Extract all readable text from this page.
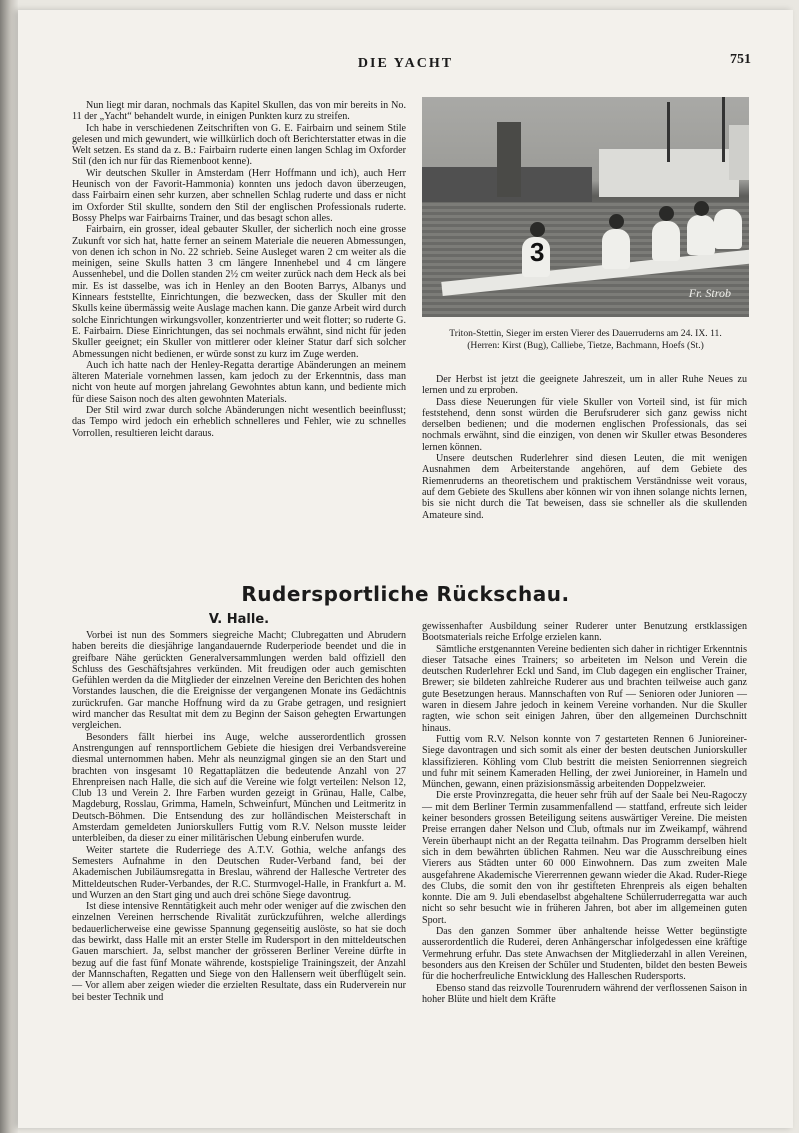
DIE YACHT	751

Nun liegt mir daran, nochmals das Kapitel Skullen, das von mir bereits in No. 11 der „Yacht“ behandelt wurde, in einigen Punkten kurz zu streifen.

Ich habe in verschiedenen Zeitschriften von G. E. Fairbairn und seinem Stile gelesen und mich gewundert, wie willkürlich doch oft Berichterstatter etwas in die Welt setzen. Es stand da z. B.: Fairbairn ruderte einen langen Schlag im Oxforder Stil (den ich nur für das Riemenboot kenne).

Wir deutschen Skuller in Amsterdam (Herr Hoffmann und ich), auch Herr Heunisch von der Favorit-Hammonia) konnten uns jedoch davon überzeugen, dass Fairbairn einen sehr kurzen, aber schnellen Schlag ruderte und dass er nicht im Oxforder Stil skullte, sondern den Stil der englischen Professionals ruderte. Bossy Phelps war Fairbairns Trainer, und das besagt schon alles.

Fairbairn, ein grosser, ideal gebauter Skuller, der sicherlich noch eine grosse Zukunft vor sich hat, hatte ferner an seinem Materiale die neueren Abmessungen, von denen ich schon in No. 22 schrieb. Seine Ausleget waren 2 cm weiter als die meinigen, seine Skulls hatten 3 cm längere Innenhebel und 4 cm längere Aussenhebel, und die Dollen standen 2½ cm weiter zurück nach dem Heck als bei mir. Es ist dasselbe, was ich in Henley an den Booten Barrys, Albanys und Kinnears feststellte, Einrichtungen, die bezwecken, dass der Skuller mit den Skulls keine übermässig weite Auslage machen kann. Die ganze Arbeit wird durch solche Einrichtungen wirkungsvoller, konzentrierter und weit flotter; so ruderte G. E. Fairbairn. Diese Einrichtungen, das sei nochmals erwähnt, sind nicht für jeden Skuller geeignet; ein Skuller von mittlerer oder kleiner Statur darf sich solcher Abmessungen nicht bedienen, er würde sonst zu kurz im Zuge werden.

Auch ich hatte nach der Henley-Regatta derartige Abänderungen an meinem älteren Materiale vornehmen lassen, kam jedoch zu der Erkenntnis, dass man nicht von heute auf morgen jahrelang Gewohntes abtun kann, und bediente mich für diese Saison noch des alten gewohnten Materials.

Der Stil wird zwar durch solche Abänderungen nicht wesentlich beeinflusst; das Tempo wird jedoch ein erheblich schnelleres und Fehler, wie zu schnelles Vorrollen, resultieren leicht daraus.

3
Fr. Strob
Triton-Stettin, Sieger im ersten Vierer des Dauerruderns am 24. IX. 11.
(Herren: Kirst (Bug), Calliebe, Tietze, Bachmann, Hoefs (St.)

Der Herbst ist jetzt die geeignete Jahreszeit, um in aller Ruhe Neues zu lernen und zu erproben.

Dass diese Neuerungen für viele Skuller von Vorteil sind, ist für mich feststehend, denn sonst würden die Berufsruderer sich ganz gewiss nicht derselben bedienen; und die modernen englischen Professionals, das sei nochmals erwähnt, sind die einzigen, von denen wir Skuller etwas Besonderes lernen können.

Unsere deutschen Ruderlehrer sind diesen Leuten, die mit wenigen Ausnahmen dem Arbeiterstande angehören, auf dem Gebiete des Riemenruderns an theoretischem und praktischem Verständnisse weit voraus, auf dem Gebiete des Skullens aber können wir von ihnen solange nichts lernen, bis sie nicht durch die Tat beweisen, dass sie schneller als die skullenden Amateure sind.

Rudersportliche Rückschau.
V. Halle.

Vorbei ist nun des Sommers siegreiche Macht; Clubregatten und Abrudern haben bereits die diesjährige langandauernde Ruderperiode beendet und die in greifbare Nähe gerückten Generalversammlungen werden bald offiziell den Schluss des Geschäftsjahres verkünden. Mit freudigen oder auch gemischten Gefühlen werden da die Mitglieder der einzelnen Vereine den Berichten des hohen Vorstandes lauschen, die die Ereignisse der vergangenen Monate ins Gedächtnis zurückrufen. Gar manche Hoffnung wird da zu Grabe getragen, und resigniert wird mancher das Resultat mit dem zu Beginn der Saison gehegten Erwartungen vergleichen.

Besonders fällt hierbei ins Auge, welche ausserordentlich grossen Anstrengungen auf rennsportlichem Gebiete die hiesigen drei Verbandsvereine diesmal unternommen haben. Mehr als neunzigmal gingen sie an den Start und brachten von insgesamt 10 Regattaplätzen die bedeutende Anzahl von 27 Ehrenpreisen nach Halle, die sich auf die Vereine wie folgt verteilen: Nelson 12, Club 13 und Verein 2. Ihre Farben wurden gezeigt in Grünau, Halle, Calbe, Magdeburg, Rosslau, Grimma, Hameln, Schweinfurt, München und Leitmeritz in Deutsch-Böhmen. Die Entsendung des zur holländischen Meisterschaft in Amsterdam gemeldeten Juniorskullers Futtig vom R.V. Nelson musste leider unterbleiben, da dieser zu einer militärischen Uebung einberufen wurde.

Weiter startete die Ruderriege des A.T.V. Gothia, welche anfangs des Semesters Aufnahme in den Deutschen Ruder-Verband fand, bei der Akademischen Jubiläumsregatta in Breslau, während der Hallesche Vertreter des Mitteldeutschen Ruder-Verbandes, der R.C. Sturmvogel-Halle, in Frankfurt a. M. und Wurzen an den Start ging und auch drei schöne Siege davontrug.

Ist diese intensive Renntätigkeit auch mehr oder weniger auf die zwischen den einzelnen Vereinen herrschende Rivalität zurückzuführen, welche allerdings bedauerlicherweise eine gewisse Spannung gegenseitig auslöste, so hat sie doch das bewirkt, dass Halle mit an erster Stelle im Rudersport in den mitteldeutschen Gauen marschiert. Ja, selbst mancher der grösseren Berliner Vereine dürfte in bezug auf die fast fünf Monate währende, kostspielige Trainingszeit, der Anzahl der Mannschaften, Regatten und Siege von den Hallensern weit überflügelt sein. — Vor allem aber zeigen wieder die erzielten Resultate, dass ein Ruderverein nur bei bester Technik und

gewissenhafter Ausbildung seiner Ruderer unter Benutzung erstklassigen Bootsmaterials reiche Erfolge erzielen kann.

Sämtliche erstgenannten Vereine bedienten sich daher in richtiger Erkenntnis dieser Tatsache eines Trainers; so arbeiteten im Nelson und Verein die deutschen Ruderlehrer Eckl und Sand, im Club dagegen ein englischer Trainer, Brewer; sie bildeten zahlreiche Ruderer aus und brachten teilweise auch ganz gute Besetzungen heraus. Mannschaften von Ruf — Senioren oder Junioren — waren in diesem Jahre jedoch in keinem Vereine vorhanden. Nur die Skuller ragten, wie schon seit einigen Jahren, über den allgemeinen Durchschnitt hinaus.

Futtig vom R.V. Nelson konnte von 7 gestarteten Rennen 6 Junioreiner-Siege davontragen und sich somit als einer der besten deutschen Juniorskuller klassifizieren. Köhling vom Club bestritt die meisten Seniorrennen siegreich und fuhr mit seinem Kameraden Helling, der zwei Junioreiner, in Hameln und München, gewann, einen präzisionsmässig arbeitenden Doppelzweier.

Die erste Provinzregatta, die heuer sehr früh auf der Saale bei Neu-Ragoczy — mit dem Berliner Termin zusammenfallend — stattfand, erfreute sich leider keiner besonders grossen Beteiligung seitens auswärtiger Vereine. Die meisten Preise errangen daher Nelson und Club, oftmals nur im Zweikampf, während Verein überhaupt nicht an der Regatta teilnahm. Das Programm derselben hielt sich in dem bewährten üblichen Rahmen. Neu war die Ausschreibung eines Vierers aus Städten unter 60 000 Einwohnern. Das zum zweiten Male ausgefahrene Akademische Viererrennen gewann wieder die Akad. Ruder-Riege des Clubs, die somit den von ihr gestifteten Ehrenpreis als eigen behalten konnte. Die am 9. Juli ebendaselbst abgehaltene Schülerruderregatta war auch nicht so sehr besucht wie in früheren Jahren, bot aber im allgemeinen guten Sport.

Das den ganzen Sommer über anhaltende heisse Wetter begünstigte ausserordentlich die Ruderei, deren Anhängerschar infolgedessen eine kräftige Vermehrung erfuhr. Das stete Anwachsen der Mitgliederzahl in allen Vereinen, besonders aus den Kreisen der Schüler und Studenten, bildet den besten Beweis für die hocherfreuliche Entwicklung des Halleschen Rudersports.

Ebenso stand das reizvolle Tourenrudern während der verflossenen Saison in hoher Blüte und hielt dem Kräfte
